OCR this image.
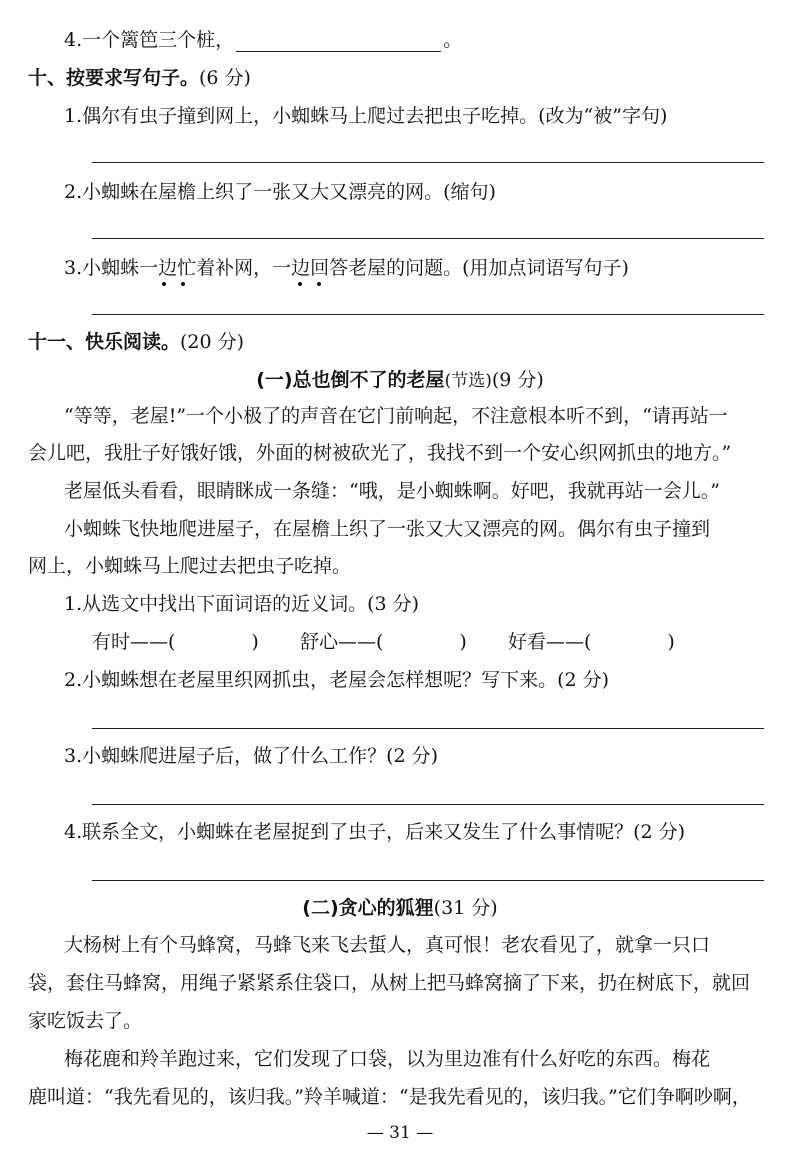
4.一个篱笆三个桩，	。
十、按要求写句子。(6 分)
1.偶尔有虫子撞到网上，小蜘蛛马上爬过去把虫子吃掉。(改为“被”字句)
2.小蜘蛛在屋檐上织了一张又大又漂亮的网。(缩句)
3.小蜘蛛一边忙着补网，一边回答老屋的问题。(用加点词语写句子)
十一、快乐阅读。(20 分)
(一)总也倒不了的老屋(节选)(9 分)
“等等，老屋!”一个小极了的声音在它门前响起，不注意根本听不到，“请再站一
会儿吧，我肚子好饿好饿，外面的树被砍光了，我找不到一个安心织网抓虫的地方。”
老屋低头看看，眼睛眯成一条缝：“哦，是小蜘蛛啊。好吧，我就再站一会儿。”
小蜘蛛飞快地爬进屋子，在屋檐上织了一张又大又漂亮的网。偶尔有虫子撞到
网上，小蜘蛛马上爬过去把虫子吃掉。
1.从选文中找出下面词语的近义词。(3 分)
有时——(　　　　) 舒心——(　　　　) 好看——(　　　　)
2.小蜘蛛想在老屋里织网抓虫，老屋会怎样想呢？写下来。(2 分)
3.小蜘蛛爬进屋子后，做了什么工作？(2 分)
4.联系全文，小蜘蛛在老屋捉到了虫子，后来又发生了什么事情呢？(2 分)
(二)贪心的狐狸(31 分)
大杨树上有个马蜂窝，马蜂飞来飞去蜇人，真可恨！老农看见了，就拿一只口
袋，套住马蜂窝，用绳子紧紧系住袋口，从树上把马蜂窝摘了下来，扔在树底下，就回
家吃饭去了。
梅花鹿和羚羊跑过来，它们发现了口袋，以为里边准有什么好吃的东西。梅花
鹿叫道：“我先看见的，该归我。”羚羊喊道：“是我先看见的，该归我。”它们争啊吵啊，
— 31 —
